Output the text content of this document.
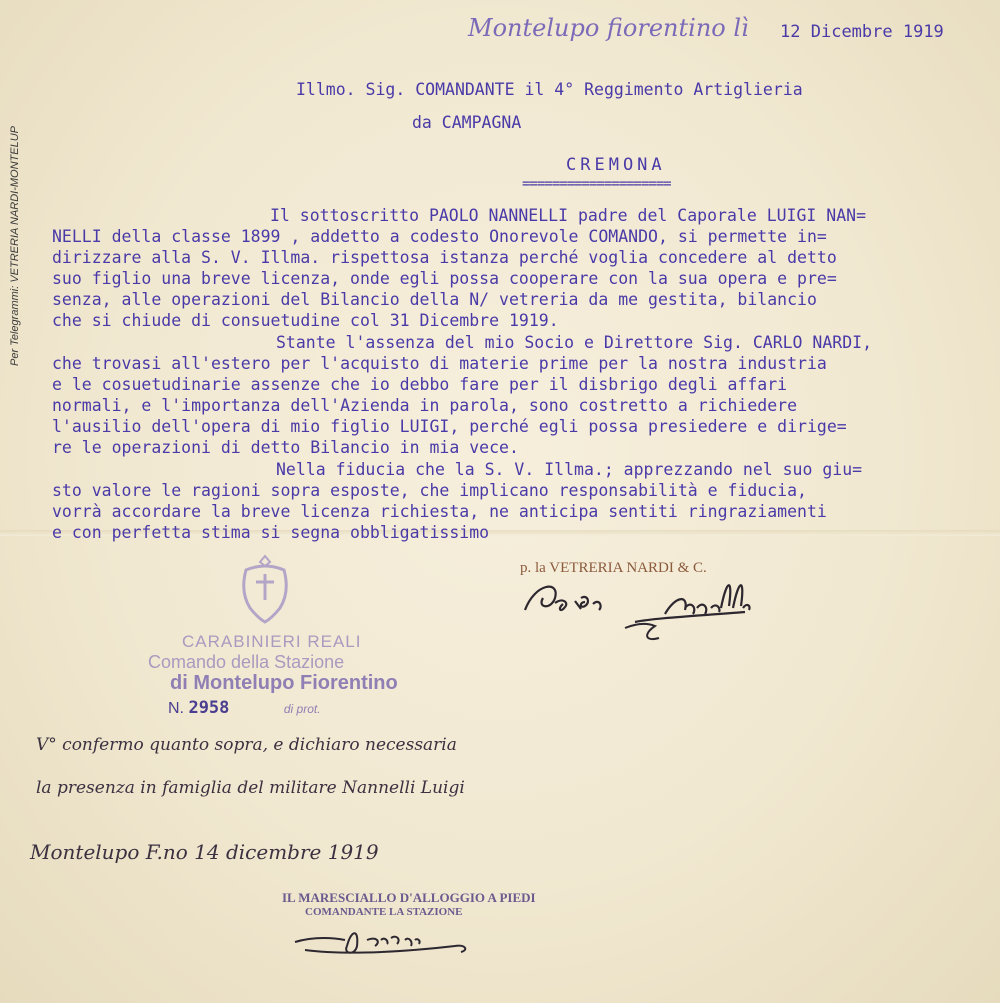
Per Telegrammi: VETRERIA NARDI-MONTELUP
Montelupo fiorentino lì 12 Dicembre 1919
Illmo. Sig. COMANDANTE il 4° Reggimento Artiglieria
da CAMPAGNA
CREMONA
====================
Il sottoscritto PAOLO NANNELLI padre del Caporale LUIGI NAN=
NELLI della classe 1899 , addetto a codesto Onorevole COMANDO, si permette in=
dirizzare alla S. V. Illma. rispettosa istanza perché voglia concedere al detto
suo figlio una breve licenza, onde egli possa cooperare con la sua opera e pre=
senza, alle operazioni del Bilancio della N/ vetreria da me gestita, bilancio
che si chiude di consuetudine col 31 Dicembre 1919.
Stante l'assenza del mio Socio e Direttore Sig. CARLO NARDI,
che trovasi all'estero per l'acquisto di materie prime per la nostra industria
e le cosuetudinarie assenze che io debbo fare per il disbrigo degli affari
normali, e l'importanza dell'Azienda in parola, sono costretto a richiedere
l'ausilio dell'opera di mio figlio LUIGI, perché egli possa presiedere e dirige=
re le operazioni di detto Bilancio in mia vece.
Nella fiducia che la S. V. Illma.; apprezzando nel suo giu=
sto valore le ragioni sopra esposte, che implicano responsabilità e fiducia,
vorrà accordare la breve licenza richiesta, ne anticipa sentiti ringraziamenti
e con perfetta stima si segna obbligatissimo
p. la VETRERIA NARDI & C.
CARABINIERI REALI
Comando della Stazione
di Montelupo Fiorentino
N. 2958	di prot.
V° confermo quanto sopra, e dichiaro necessaria
la presenza in famiglia del militare Nannelli Luigi
Montelupo F.no 14 dicembre 1919
IL MARESCIALLO D'ALLOGGIO A PIEDI
COMANDANTE LA STAZIONE
